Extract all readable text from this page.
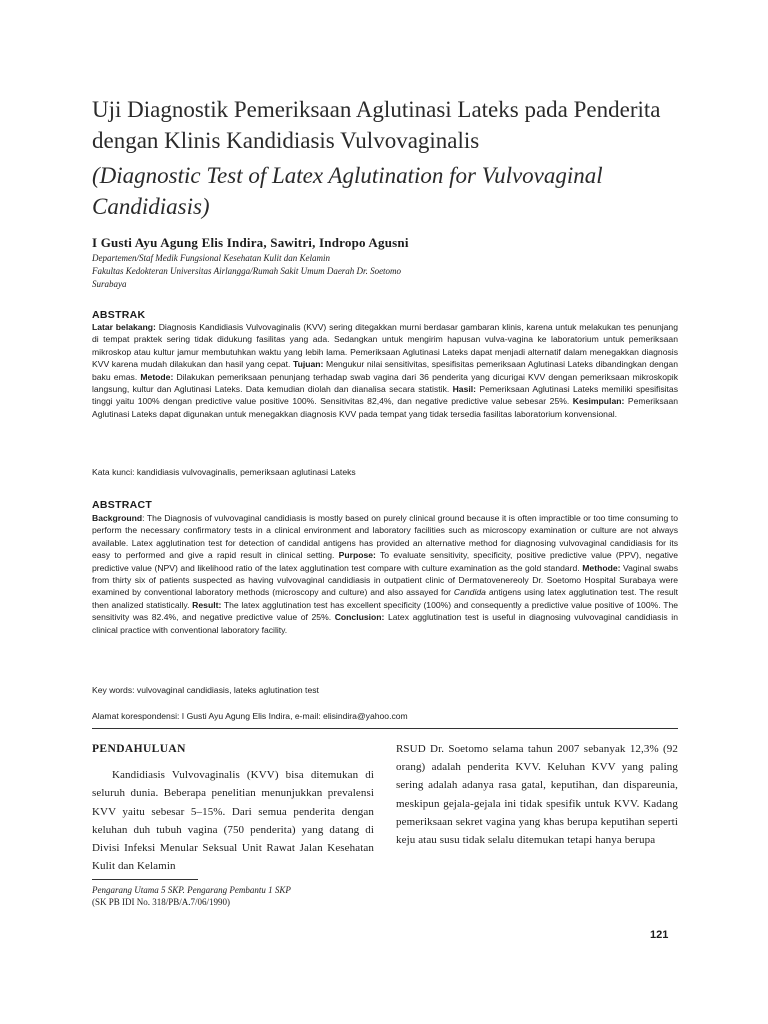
Uji Diagnostik Pemeriksaan Aglutinasi Lateks pada Penderita dengan Klinis Kandidiasis Vulvovaginalis
(Diagnostic Test of Latex Aglutination for Vulvovaginal Candidiasis)
I Gusti Ayu Agung Elis Indira, Sawitri, Indropo Agusni
Departemen/Staf Medik Fungsional Kesehatan Kulit dan Kelamin
Fakultas Kedokteran Universitas Airlangga/Rumah Sakit Umum Daerah Dr. Soetomo
Surabaya
ABSTRAK
Latar belakang: Diagnosis Kandidiasis Vulvovaginalis (KVV) sering ditegakkan murni berdasar gambaran klinis, karena untuk melakukan tes penunjang di tempat praktek sering tidak didukung fasilitas yang ada. Sedangkan untuk mengirim hapusan vulva-vagina ke laboratorium untuk pemeriksaan mikroskop atau kultur jamur membutuhkan waktu yang lebih lama. Pemeriksaan Aglutinasi Lateks dapat menjadi alternatif dalam menegakkan diagnosis KVV karena mudah dilakukan dan hasil yang cepat. Tujuan: Mengukur nilai sensitivitas, spesifisitas pemeriksaan Aglutinasi Lateks dibandingkan dengan baku emas. Metode: Dilakukan pemeriksaan penunjang terhadap swab vagina dari 36 penderita yang dicurigai KVV dengan pemeriksaan mikroskopik langsung, kultur dan Aglutinasi Lateks. Data kemudian diolah dan dianalisa secara statistik. Hasil: Pemeriksaan Aglutinasi Lateks memiliki spesifisitas tinggi yaitu 100% dengan predictive value positive 100%. Sensitivitas 82,4%, dan negative predictive value sebesar 25%. Kesimpulan: Pemeriksaan Aglutinasi Lateks dapat digunakan untuk menegakkan diagnosis KVV pada tempat yang tidak tersedia fasilitas laboratorium konvensional.
Kata kunci: kandidiasis vulvovaginalis, pemeriksaan aglutinasi Lateks
ABSTRACT
Background: The Diagnosis of vulvovaginal candidiasis is mostly based on purely clinical ground because it is often impractible or too time consuming to perform the necessary confirmatory tests in a clinical environment and laboratory facilities such as microscopy examination or culture are not always available. Latex agglutination test for detection of candidal antigens has provided an alternative method for diagnosing vulvovaginal candidiasis for its easy to performed and give a rapid result in clinical setting. Purpose: To evaluate sensitivity, specificity, positive predictive value (PPV), negative predictive value (NPV) and likelihood ratio of the latex agglutination test compare with culture examination as the gold standard. Methode: Vaginal swabs from thirty six of patients suspected as having vulvovaginal candidiasis in outpatient clinic of Dermatovenereoly Dr. Soetomo Hospital Surabaya were examined by conventional laboratory methods (microscopy and culture) and also assayed for Candida antigens using latex agglutination test. The result then analized statistically. Result: The latex agglutination test has excellent specificity (100%) and consequently a predictive value positive of 100%. The sensitivity was 82.4%, and negative predictive value of 25%. Conclusion: Latex agglutination test is useful in diagnosing vulvovaginal candidiasis in clinical practice with conventional laboratory facility.
Key words: vulvovaginal candidiasis, lateks aglutination test
Alamat korespondensi: I Gusti Ayu Agung Elis Indira, e-mail: elisindira@yahoo.com
PENDAHULUAN

Kandidiasis Vulvovaginalis (KVV) bisa ditemukan di seluruh dunia. Beberapa penelitian menunjukkan prevalensi KVV yaitu sebesar 5–15%. Dari semua penderita dengan keluhan duh tubuh vagina (750 penderita) yang datang di Divisi Infeksi Menular Seksual Unit Rawat Jalan Kesehatan Kulit dan Kelamin

RSUD Dr. Soetomo selama tahun 2007 sebanyak 12,3% (92 orang) adalah penderita KVV. Keluhan KVV yang paling sering adalah adanya rasa gatal, keputihan, dan dispareunia, meskipun gejala-gejala ini tidak spesifik untuk KVV. Kadang pemeriksaan sekret vagina yang khas berupa keputihan seperti keju atau susu tidak selalu ditemukan tetapi hanya berupa

Pengarang Utama 5 SKP. Pengarang Pembantu 1 SKP
(SK PB IDI No. 318/PB/A.7/06/1990)
121
